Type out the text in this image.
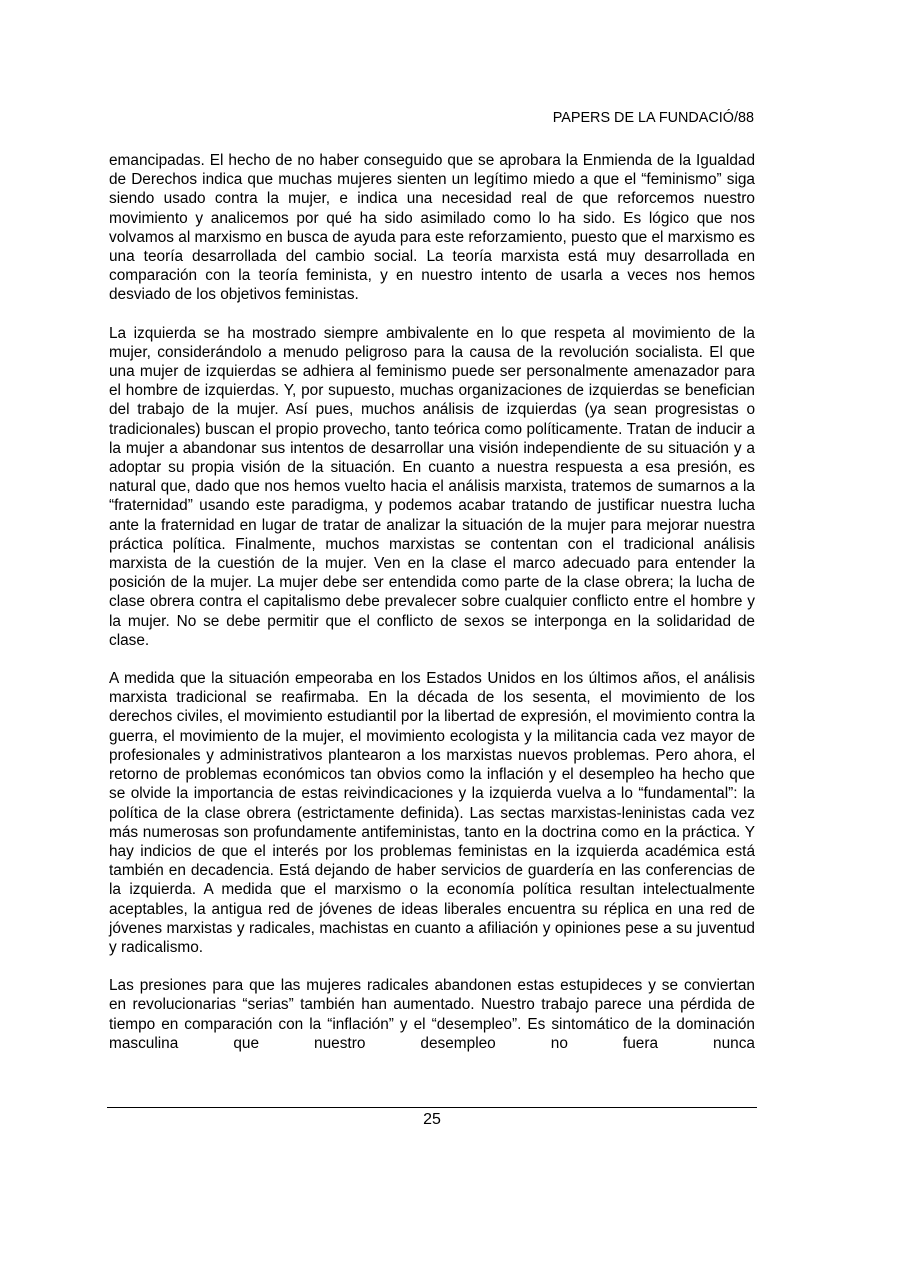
PAPERS DE LA FUNDACIÓ/88

emancipadas. El hecho de no haber conseguido que se aprobara la Enmienda de la Igualdad de Derechos indica que muchas mujeres sienten un legítimo miedo a que el “feminismo” siga siendo usado contra la mujer, e indica una necesidad real de que reforcemos nuestro movimiento y analicemos por qué ha sido asimilado como lo ha sido. Es lógico que nos volvamos al marxismo en busca de ayuda para este reforzamiento, puesto que el marxismo es una teoría desarrollada del cambio social. La teoría marxista está muy desarrollada en comparación con la teoría feminista, y en nuestro intento de usarla a veces nos hemos desviado de los objetivos feministas.

La izquierda se ha mostrado siempre ambivalente en lo que respeta al movimiento de la mujer, considerándolo a menudo peligroso para la causa de la revolución socialista. El que una mujer de izquierdas se adhiera al feminismo puede ser personalmente amenazador para el hombre de izquierdas. Y, por supuesto, muchas organizaciones de izquierdas se benefician del trabajo de la mujer. Así pues, muchos análisis de izquierdas (ya sean progresistas o tradicionales) buscan el propio provecho, tanto teórica como políticamente. Tratan de inducir a la mujer a abandonar sus intentos de desarrollar una visión independiente de su situación y a adoptar su propia visión de la situación. En cuanto a nuestra respuesta a esa presión, es natural que, dado que nos hemos vuelto hacia el análisis marxista, tratemos de sumarnos a la “fraternidad” usando este paradigma, y podemos acabar tratando de justificar nuestra lucha ante la fraternidad en lugar de tratar de analizar la situación de la mujer para mejorar nuestra práctica política. Finalmente, muchos marxistas se contentan con el tradicional análisis marxista de la cuestión de la mujer. Ven en la clase el marco adecuado para entender la posición de la mujer. La mujer debe ser entendida como parte de la clase obrera; la lucha de clase obrera contra el capitalismo debe prevalecer sobre cualquier conflicto entre el hombre y la mujer. No se debe permitir que el conflicto de sexos se interponga en la solidaridad de clase.

A medida que la situación empeoraba en los Estados Unidos en los últimos años, el análisis marxista tradicional se reafirmaba. En la década de los sesenta, el movimiento de los derechos civiles, el movimiento estudiantil por la libertad de expresión, el movimiento contra la guerra, el movimiento de la mujer, el movimiento ecologista y la militancia cada vez mayor de profesionales y administrativos plantearon a los marxistas nuevos problemas. Pero ahora, el retorno de problemas económicos tan obvios como la inflación y el desempleo ha hecho que se olvide la importancia de estas reivindicaciones y la izquierda vuelva a lo “fundamental”: la política de la clase obrera (estrictamente definida). Las sectas marxistas-leninistas cada vez más numerosas son profundamente antifeministas, tanto en la doctrina como en la práctica. Y hay indicios de que el interés por los problemas feministas en la izquierda académica está también en decadencia. Está dejando de haber servicios de guardería en las conferencias de la izquierda. A medida que el marxismo o la economía política resultan intelectualmente aceptables, la antigua red de jóvenes de ideas liberales encuentra su réplica en una red de jóvenes marxistas y radicales, machistas en cuanto a afiliación y opiniones pese a su juventud y radicalismo.

Las presiones para que las mujeres radicales abandonen estas estupideces y se conviertan en revolucionarias “serias” también han aumentado. Nuestro trabajo parece una pérdida de tiempo en comparación con la “inflación” y el “desempleo”. Es sintomático de la dominación masculina que nuestro desempleo no fuera nunca

25
